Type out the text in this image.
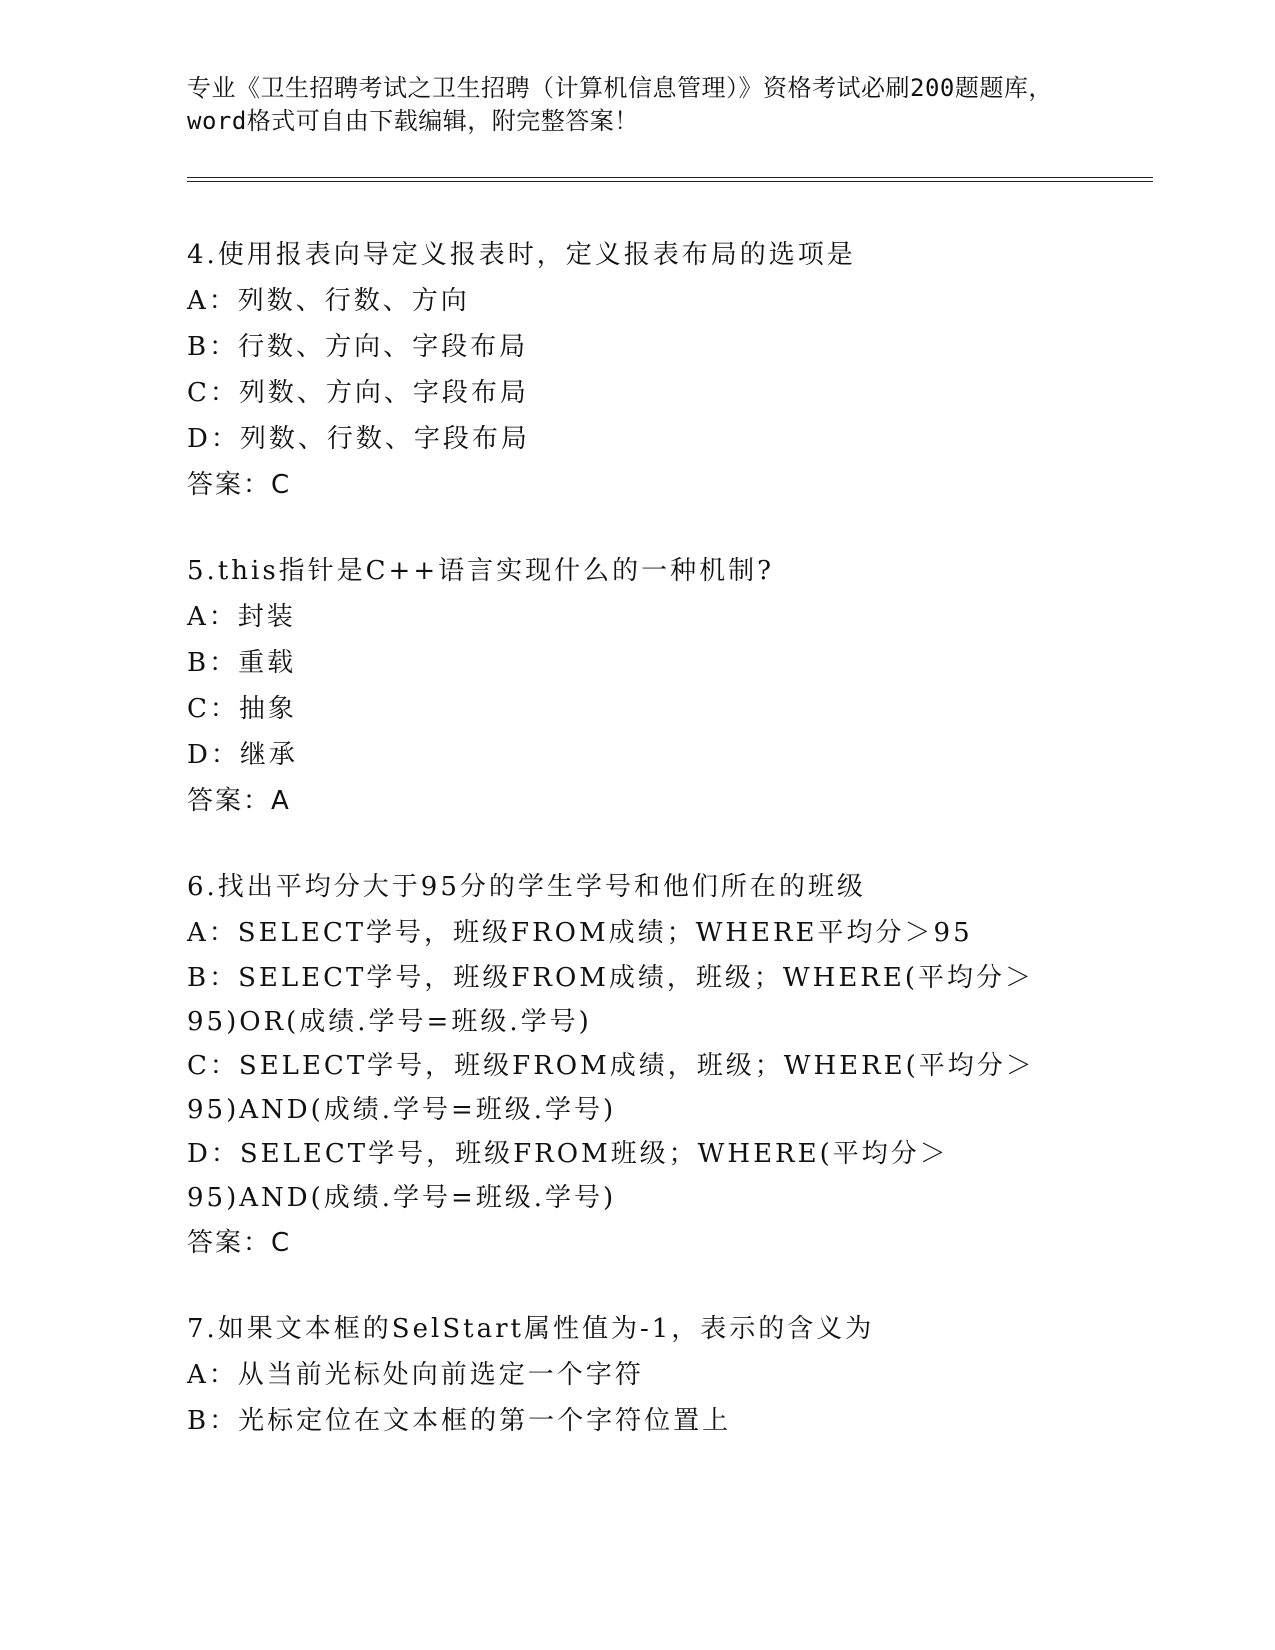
专业《卫生招聘考试之卫生招聘（计算机信息管理）》资格考试必刷200题题库，
word格式可自由下载编辑，附完整答案！
4.使用报表向导定义报表时，定义报表布局的选项是
A：列数、行数、方向
B：行数、方向、字段布局
C：列数、方向、字段布局
D：列数、行数、字段布局
答案：C
5.this指针是C++语言实现什么的一种机制?
A：封装
B：重载
C：抽象
D：继承
答案：A
6.找出平均分大于95分的学生学号和他们所在的班级
A：SELECT学号，班级FROM成绩；WHERE平均分＞95
B：SELECT学号，班级FROM成绩，班级；WHERE(平均分＞95)OR(成绩.学号=班级.学号)
C：SELECT学号，班级FROM成绩，班级；WHERE(平均分＞95)AND(成绩.学号=班级.学号)
D：SELECT学号，班级FROM班级；WHERE(平均分＞95)AND(成绩.学号=班级.学号)
答案：C
7.如果文本框的SelStart属性值为-1，表示的含义为
A：从当前光标处向前选定一个字符
B：光标定位在文本框的第一个字符位置上
